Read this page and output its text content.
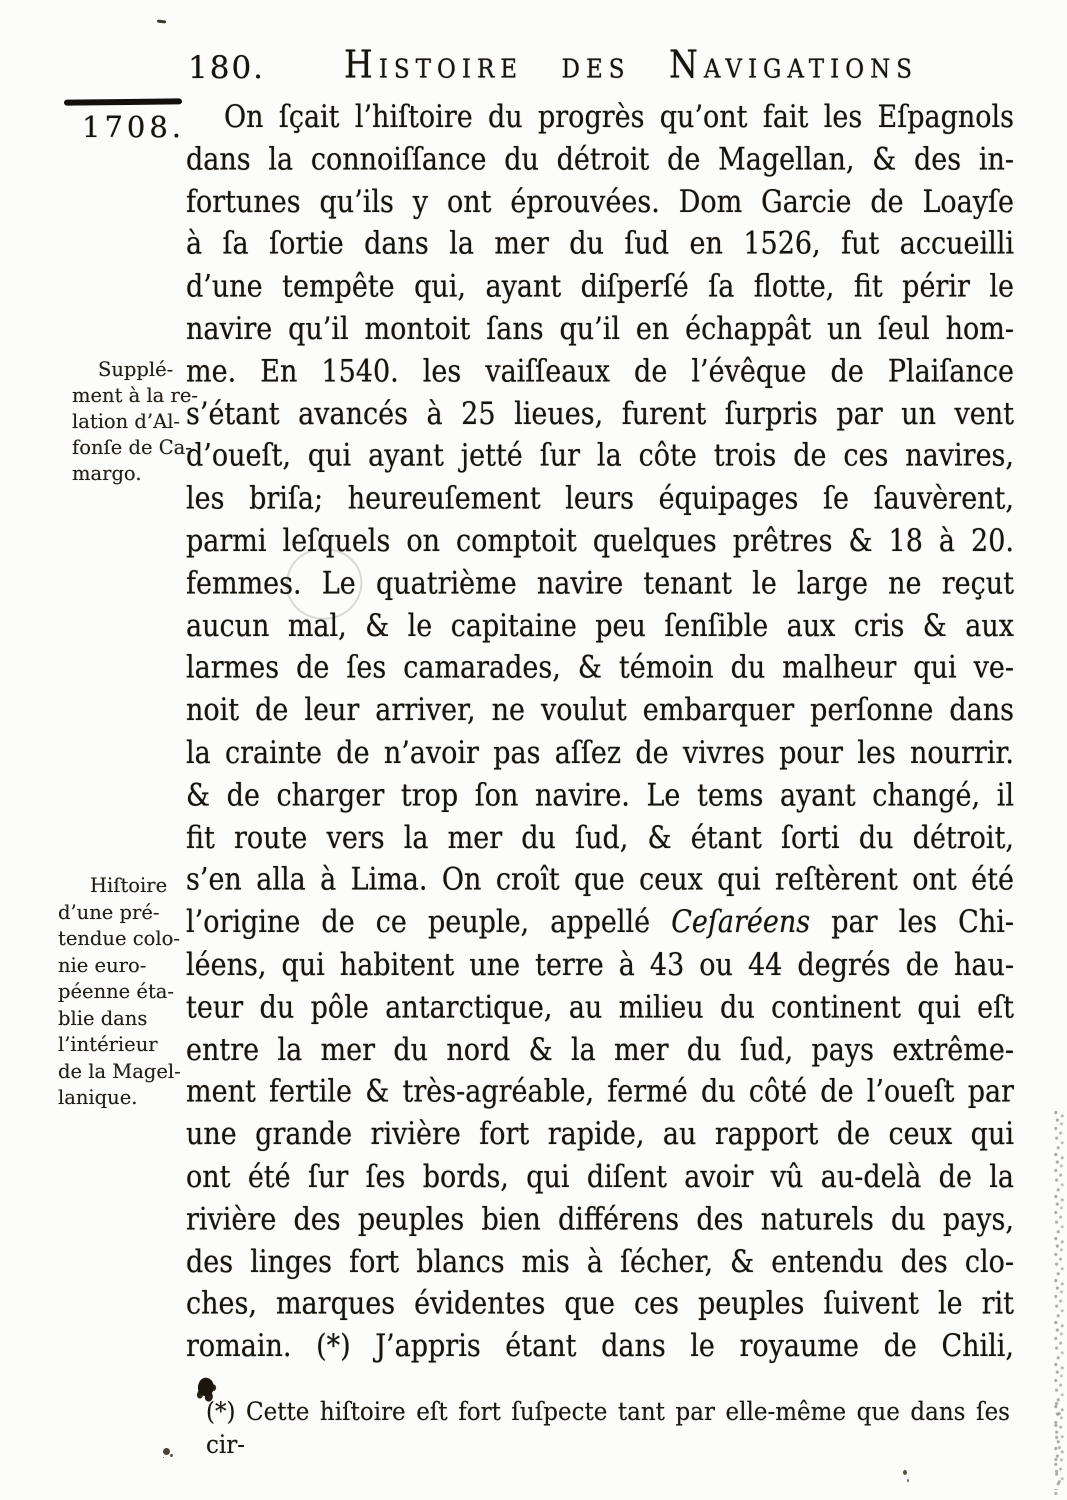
180.	Histoire des Navigations
1708.
Supplé-
ment à la re-
lation d’Al-
fonſe de Ca-
margo.
Hiſtoire
d’une pré-
tendue colo-
nie euro-
péenne éta-
blie dans
l’intérieur
de la Magel-
lanique.
On ſçait l’hiſtoire du progrès qu’ont fait les Eſpagnols
dans la connoiſſance du détroit de Magellan, & des in-
fortunes qu’ils y ont éprouvées. Dom Garcie de Loayſe
à ſa ſortie dans la mer du ſud en 1526, fut accueilli
d’une tempête qui, ayant diſperſé ſa flotte, fit périr le
navire qu’il montoit ſans qu’il en échappât un ſeul hom-
me. En 1540. les vaiſſeaux de l’évêque de Plaiſance
s’étant avancés à 25 lieues, furent ſurpris par un vent
d’oueſt, qui ayant jetté ſur la côte trois de ces navires,
les briſa; heureuſement leurs équipages ſe ſauvèrent,
parmi leſquels on comptoit quelques prêtres & 18 à 20.
femmes. Le quatrième navire tenant le large ne reçut
aucun mal, & le capitaine peu ſenſible aux cris & aux
larmes de ſes camarades, & témoin du malheur qui ve-
noit de leur arriver, ne voulut embarquer perſonne dans
la crainte de n’avoir pas aſſez de vivres pour les nourrir.
& de charger trop ſon navire. Le tems ayant changé, il
fit route vers la mer du ſud, & étant ſorti du détroit,
s’en alla à Lima. On croît que ceux qui reſtèrent ont été
l’origine de ce peuple, appellé Ceſaréens par les Chi-
léens, qui habitent une terre à 43 ou 44 degrés de hau-
teur du pôle antarctique, au milieu du continent qui eſt
entre la mer du nord & la mer du ſud, pays extrême-
ment fertile & très-agréable, fermé du côté de l’oueſt par
une grande rivière fort rapide, au rapport de ceux qui
ont été ſur ſes bords, qui diſent avoir vû au-delà de la
rivière des peuples bien différens des naturels du pays,
des linges fort blancs mis à ſécher, & entendu des clo-
ches, marques évidentes que ces peuples ſuivent le rit
romain. (*) J’appris étant dans le royaume de Chili,
(*) Cette hiſtoire eſt fort ſuſpecte tant par elle-même que dans ſes cir-
